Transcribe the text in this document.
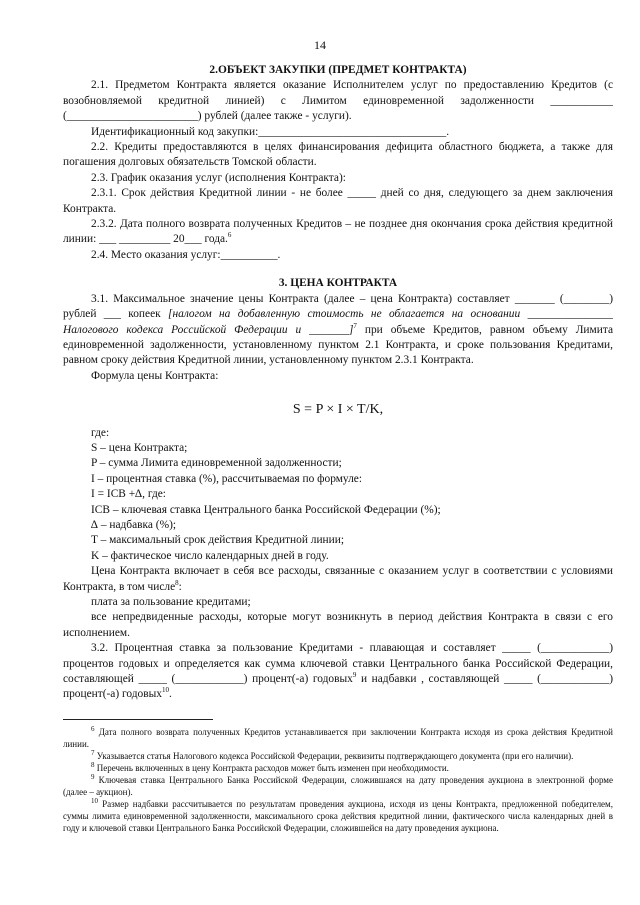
14

2.ОБЪЕКТ ЗАКУПКИ (ПРЕДМЕТ КОНТРАКТА)

2.1. Предметом Контракта является оказание Исполнителем услуг по предоставлению Кредитов (с возобновляемой кредитной линией) с Лимитом единовременной задолженности ___________ (_______________________) рублей (далее также - услуги).

Идентификационный код закупки:_________________________________.

2.2. Кредиты предоставляются в целях финансирования дефицита областного бюджета, а также для погашения долговых обязательств Томской области.

2.3. График оказания услуг (исполнения Контракта):

2.3.1. Срок действия Кредитной линии - не более _____ дней со дня, следующего за днем заключения Контракта.

2.3.2. Дата полного возврата полученных Кредитов – не позднее дня окончания срока действия кредитной линии: ___ _________ 20___ года.$^6$

2.4. Место оказания услуг:__________.

3. ЦЕНА КОНТРАКТА

3.1. Максимальное значение цены Контракта (далее – цена Контракта) составляет _______ (________) рублей ___ копеек [налогом на добавленную стоимость не облагается на основании _______________ Налогового кодекса Российской Федерации и _______]$^7$ при объеме Кредитов, равном объему Лимита единовременной задолженности, установленному пунктом 2.1 Контракта, и сроке пользования Кредитами, равном сроку действия Кредитной линии, установленному пунктом 2.3.1 Контракта.

Формула цены Контракта:

S = P × I × T/K,

где:

S – цена Контракта;

P – сумма Лимита единовременной задолженности;

I – процентная ставка (%), рассчитываемая по формуле:

I = ICB +∆, где:

ICB – ключевая ставка Центрального банка Российской Федерации (%);

∆ – надбавка (%);

T – максимальный срок действия Кредитной линии;

K – фактическое число календарных дней в году.

Цена Контракта включает в себя все расходы, связанные с оказанием услуг в соответствии с условиями Контракта, в том числе$^8$:

плата за пользование кредитами;

все непредвиденные расходы, которые могут возникнуть в период действия Контракта в связи с его исполнением.

3.2. Процентная ставка за пользование Кредитами - плавающая и составляет _____ (____________) процентов годовых и определяется как сумма ключевой ставки Центрального банка Российской Федерации, составляющей _____ (____________) процент(-а) годовых$^9$ и надбавки , составляющей _____ (____________) процент(-а) годовых$^{10}$.

$^6$ Дата полного возврата полученных Кредитов устанавливается при заключении Контракта исходя из срока действия Кредитной линии.

$^7$ Указывается статья Налогового кодекса Российской Федерации, реквизиты подтверждающего документа (при его наличии).

$^8$ Перечень включенных в цену Контракта расходов может быть изменен при необходимости.

$^9$ Ключевая ставка Центрального Банка Российской Федерации, сложившаяся на дату проведения аукциона в электронной форме (далее – аукцион).

$^{10}$ Размер надбавки рассчитывается по результатам проведения аукциона, исходя из цены Контракта, предложенной победителем, суммы лимита единовременной задолженности, максимального срока действия кредитной линии, фактического числа календарных дней в году и ключевой ставки Центрального Банка Российской Федерации, сложившейся на дату проведения аукциона.
